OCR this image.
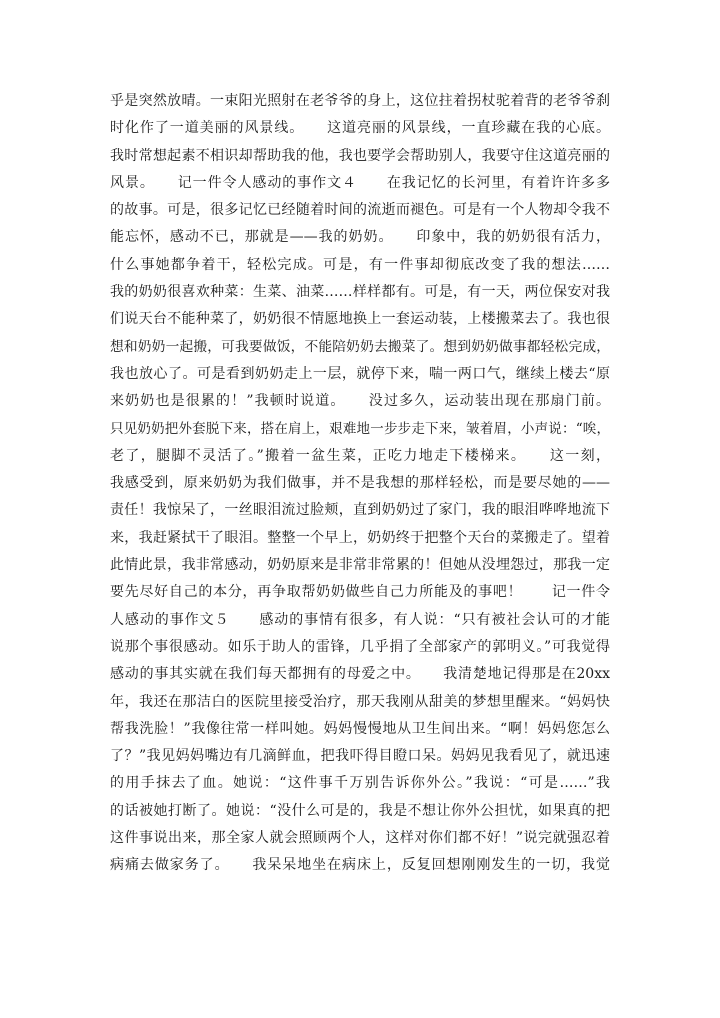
乎是突然放晴。一束阳光照射在老爷爷的身上，这位拄着拐杖驼着背的老爷爷刹
时化作了一道美丽的风景线。　　这道亮丽的风景线，一直珍藏在我的心底。
我时常想起素不相识却帮助我的他，我也要学会帮助别人，我要守住这道亮丽的
风景。　　记一件令人感动的事作文４　　在我记忆的长河里，有着许许多多
的故事。可是，很多记忆已经随着时间的流逝而褪色。可是有一个人物却令我不
能忘怀，感动不已，那就是——我的奶奶。　　印象中，我的奶奶很有活力，
什么事她都争着干，轻松完成。可是，有一件事却彻底改变了我的想法……
我的奶奶很喜欢种菜：生菜、油菜……样样都有。可是，有一天，两位保安对我
们说天台不能种菜了，奶奶很不情愿地换上一套运动装，上楼搬菜去了。我也很
想和奶奶一起搬，可我要做饭，不能陪奶奶去搬菜了。想到奶奶做事都轻松完成，
我也放心了。可是看到奶奶走上一层，就停下来，喘一两口气，继续上楼去“原
来奶奶也是很累的！”我顿时说道。　　没过多久，运动装出现在那扇门前。
只见奶奶把外套脱下来，搭在肩上，艰难地一步步走下来，皱着眉，小声说：“唉，
老了，腿脚不灵活了。”搬着一盆生菜，正吃力地走下楼梯来。　　这一刻，
我感受到，原来奶奶为我们做事，并不是我想的那样轻松，而是要尽她的——
责任！我惊呆了，一丝眼泪流过脸颊，直到奶奶过了家门，我的眼泪哗哗地流下
来，我赶紧拭干了眼泪。整整一个早上，奶奶终于把整个天台的菜搬走了。望着
此情此景，我非常感动，奶奶原来是非常非常累的！但她从没埋怨过，那我一定
要先尽好自己的本分，再争取帮奶奶做些自己力所能及的事吧！　　记一件令
人感动的事作文５　　感动的事情有很多，有人说：“只有被社会认可的才能
说那个事很感动。如乐于助人的雷锋，几乎捐了全部家产的郭明义。”可我觉得
感动的事其实就在我们每天都拥有的母爱之中。　　我清楚地记得那是在20xx
年，我还在那洁白的医院里接受治疗，那天我刚从甜美的梦想里醒来。“妈妈快
帮我洗脸！”我像往常一样叫她。妈妈慢慢地从卫生间出来。“啊！妈妈您怎么
了？”我见妈妈嘴边有几滴鲜血，把我吓得目瞪口呆。妈妈见我看见了，就迅速
的用手抹去了血。她说：“这件事千万别告诉你外公。”我说：“可是……”我
的话被她打断了。她说：“没什么可是的，我是不想让你外公担忧，如果真的把
这件事说出来，那全家人就会照顾两个人，这样对你们都不好！”说完就强忍着
病痛去做家务了。　　我呆呆地坐在病床上，反复回想刚刚发生的一切，我觉
